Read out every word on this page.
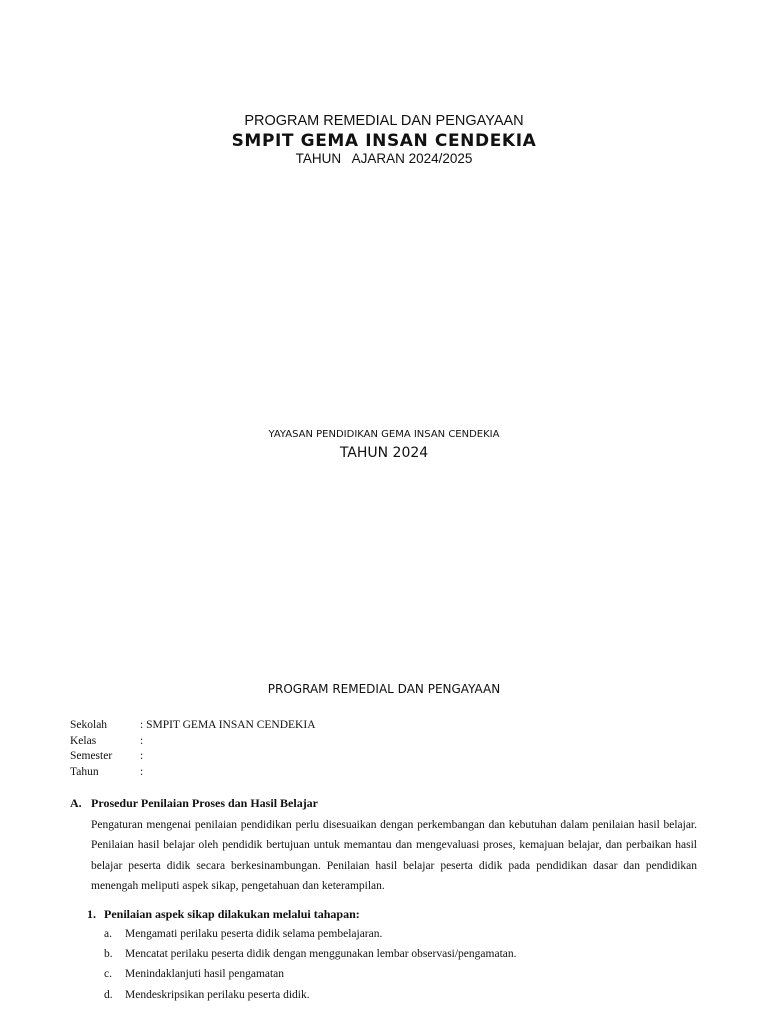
PROGRAM REMEDIAL DAN PENGAYAAN
SMPIT GEMA INSAN CENDEKIA
TAHUN   AJARAN 2024/2025
YAYASAN PENDIDIKAN GEMA INSAN CENDEKIA
TAHUN 2024
PROGRAM REMEDIAL DAN PENGAYAAN
Sekolah	: SMPIT GEMA INSAN CENDEKIA
Kelas	:
Semester :
Tahun	:
A. Prosedur Penilaian Proses dan Hasil Belajar
Pengaturan mengenai penilaian pendidikan perlu disesuaikan dengan perkembangan dan kebutuhan dalam penilaian hasil belajar. Penilaian hasil belajar oleh pendidik bertujuan untuk memantau dan mengevaluasi proses, kemajuan belajar, dan perbaikan hasil belajar peserta didik secara berkesinambungan. Penilaian hasil belajar peserta didik pada pendidikan dasar dan pendidikan menengah meliputi aspek sikap, pengetahuan dan keterampilan.
1. Penilaian aspek sikap dilakukan melalui tahapan:
a. Mengamati perilaku peserta didik selama pembelajaran.
b. Mencatat perilaku peserta didik dengan menggunakan lembar observasi/pengamatan.
c. Menindaklanjuti hasil pengamatan
d. Mendeskripsikan perilaku peserta didik.
